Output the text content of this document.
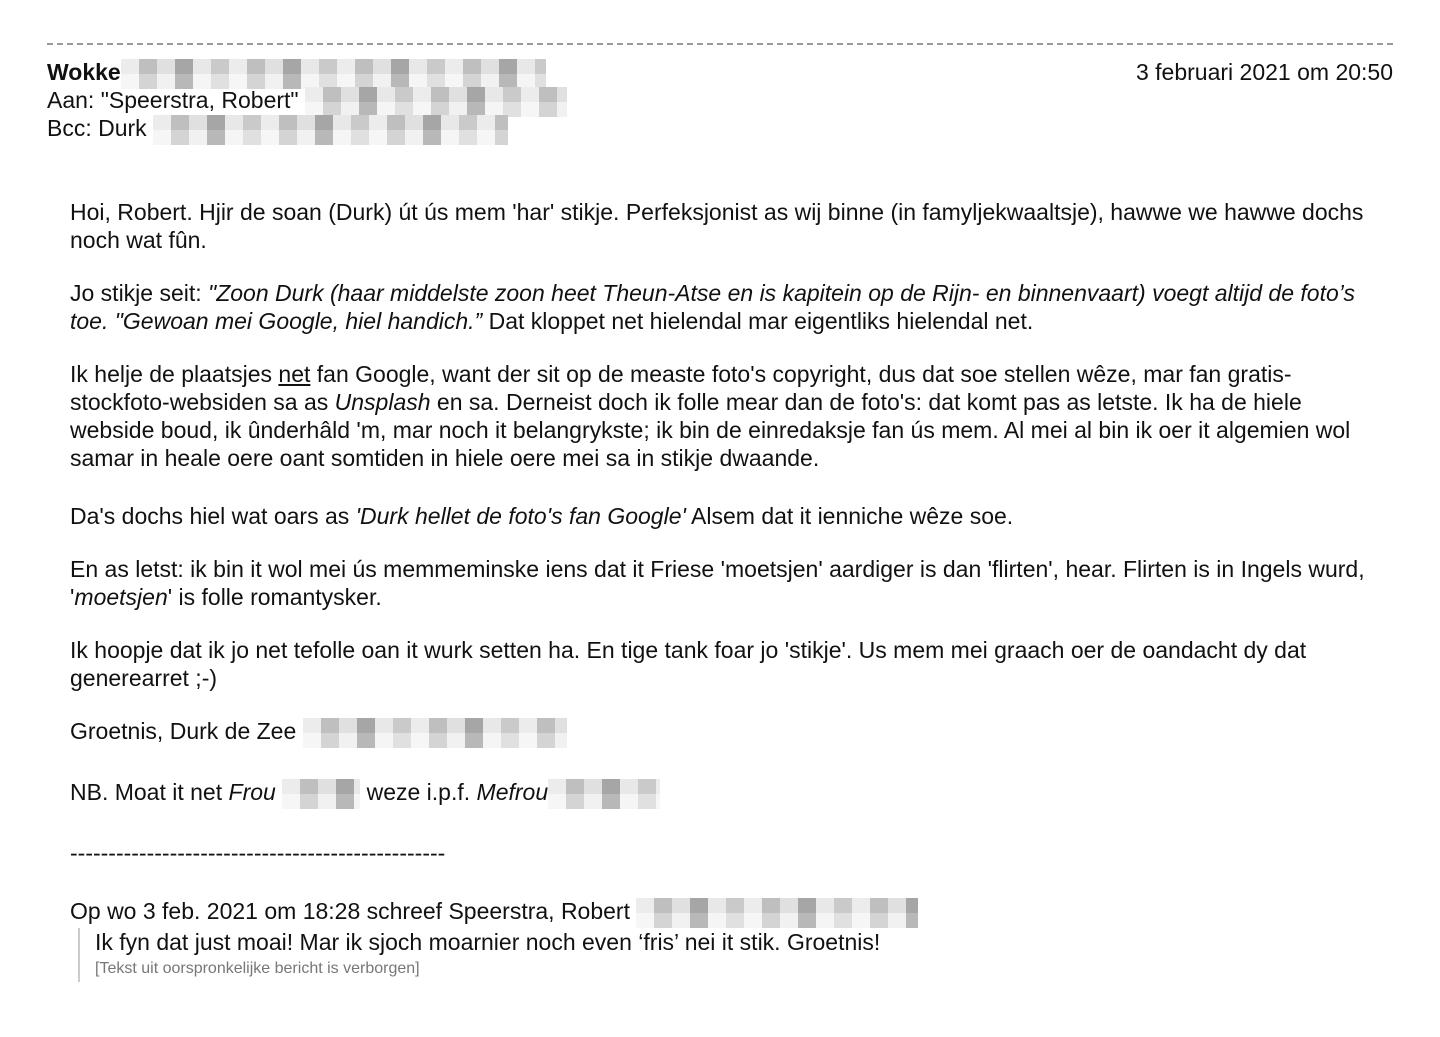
Wokke	3 februari 2021 om 20:50
Aan: "Speerstra, Robert"
Bcc: Durk

Hoi, Robert. Hjir de soan (Durk) út ús mem 'har' stikje. Perfeksjonist as wij binne (in famyljekwaaltsje), hawwe we hawwe dochs noch wat fûn.

Jo stikje seit: "Zoon Durk (haar middelste zoon heet Theun-Atse en is kapitein op de Rijn- en binnenvaart) voegt altijd de foto’s toe. "Gewoan mei Google, hiel handich.” Dat kloppet net hielendal mar eigentliks hielendal net.

Ik helje de plaatsjes net fan Google, want der sit op de measte foto's copyright, dus dat soe stellen wêze, mar fan gratis-stockfoto-websiden sa as Unsplash en sa. Derneist doch ik folle mear dan de foto's: dat komt pas as letste. Ik ha de hiele webside boud, ik ûnderhâld 'm, mar noch it belangrykste; ik bin de einredaksje fan ús mem. Al mei al bin ik oer it algemien wol samar in heale oere oant somtiden in hiele oere mei sa in stikje dwaande.

Da's dochs hiel wat oars as 'Durk hellet de foto's fan Google' Alsem dat it ienniche wêze soe.

En as letst: ik bin it wol mei ús memmeminske iens dat it Friese 'moetsjen' aardiger is dan 'flirten', hear. Flirten is in Ingels wurd, 'moetsjen' is folle romantysker.

Ik hoopje dat ik jo net tefolle oan it wurk setten ha. En tige tank foar jo 'stikje'. Us mem mei graach oer de oandacht dy dat generearret ;-)

Groetnis, Durk de Zee

NB. Moat it net Frou	weze i.p.f. Mefrou

-------------------------------------------------
Op wo 3 feb. 2021 om 18:28 schreef Speerstra, Robert
Ik fyn dat just moai! Mar ik sjoch moarnier noch even ‘fris’ nei it stik. Groetnis!
[Tekst uit oorspronkelijke bericht is verborgen]
